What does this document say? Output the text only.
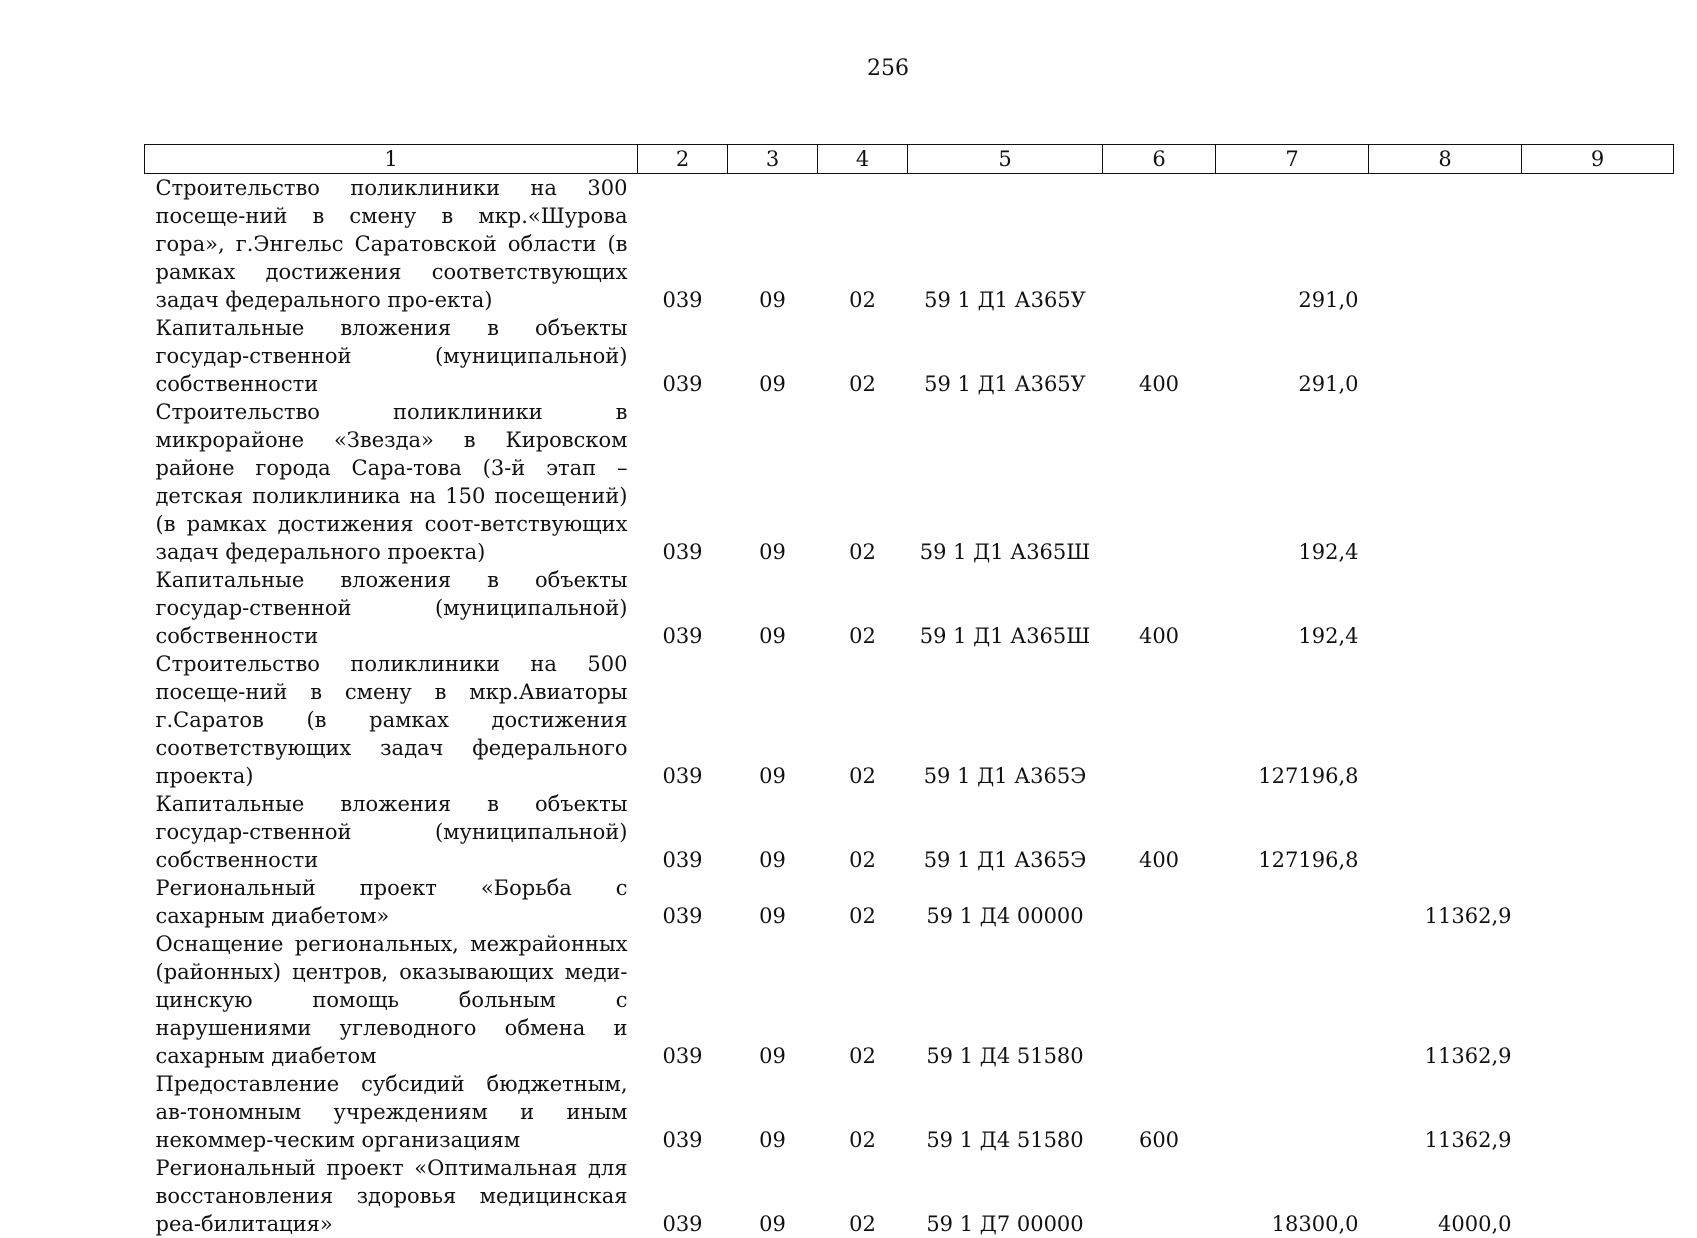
256
1	2	3	4	5	6	7	8	9
Строительство поликлиники на 300 посеще-ний в смену в мкр.«Шурова гора», г.Энгельс Саратовской области (в рамках достижения соответствующих задач федерального про-екта)	039	09	02	59 1 Д1 А365У		291,0		
Капитальные вложения в объекты государ-ственной (муниципальной) собственности	039	09	02	59 1 Д1 А365У	400	291,0		
Строительство поликлиники в микрорайоне «Звезда» в Кировском районе города Сара-това (3-й этап – детская поликлиника на 150 посещений) (в рамках достижения соот-ветствующих задач федерального проекта)	039	09	02	59 1 Д1 А365Ш		192,4		
Капитальные вложения в объекты государ-ственной (муниципальной) собственности	039	09	02	59 1 Д1 А365Ш	400	192,4		
Строительство поликлиники на 500 посеще-ний в смену в мкр.Авиаторы г.Саратов (в рамках достижения соответствующих задач федерального проекта)	039	09	02	59 1 Д1 А365Э		127196,8		
Капитальные вложения в объекты государ-ственной (муниципальной) собственности	039	09	02	59 1 Д1 А365Э	400	127196,8		
Региональный проект «Борьба с сахарным диабетом»	039	09	02	59 1 Д4 00000			11362,9	
Оснащение региональных, межрайонных (районных) центров, оказывающих меди-цинскую помощь больным с нарушениями углеводного обмена и сахарным диабетом	039	09	02	59 1 Д4 51580			11362,9	
Предоставление субсидий бюджетным, ав-тономным учреждениям и иным некоммер-ческим организациям	039	09	02	59 1 Д4 51580	600		11362,9	
Региональный проект «Оптимальная для восстановления здоровья медицинская реа-билитация»	039	09	02	59 1 Д7 00000		18300,0	4000,0	
